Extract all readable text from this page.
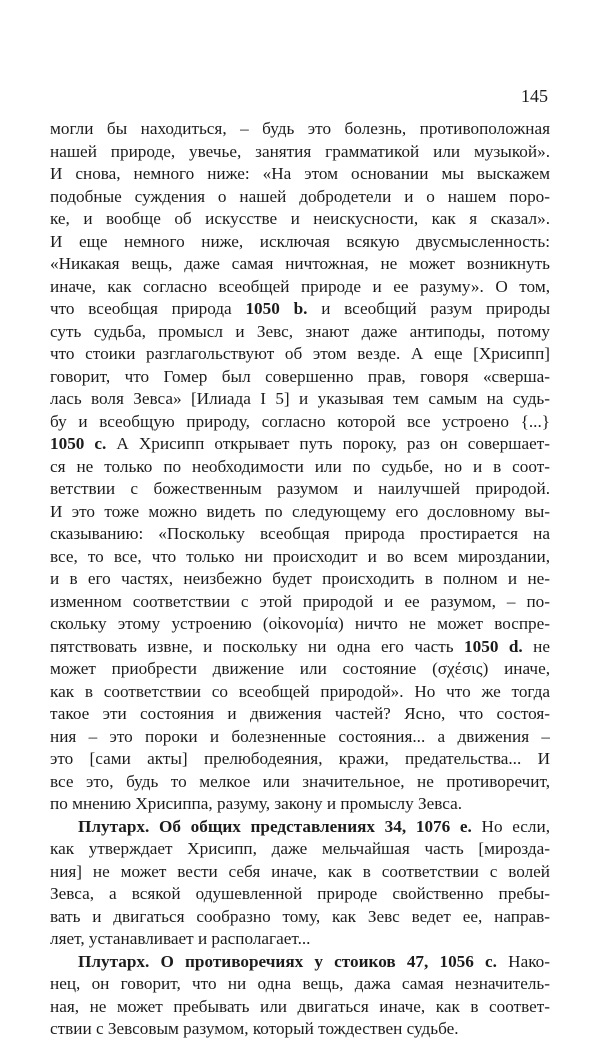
145
могли бы находиться, – будь это болезнь, противоположная
нашей природе, увечье, занятия грамматикой или музыкой».
И снова, немного ниже: «На этом основании мы выскажем
подобные суждения о нашей добродетели и о нашем поро-
ке, и вообще об искусстве и неискусности, как я сказал».
И еще немного ниже, исключая всякую двусмысленность:
«Никакая вещь, даже самая ничтожная, не может возникнуть
иначе, как согласно всеобщей природе и ее разуму». О том,
что всеобщая природа 1050 b. и всеобщий разум природы
суть судьба, промысл и Зевс, знают даже антиподы, потому
что стоики разглагольствуют об этом везде. А еще [Хрисипп]
говорит, что Гомер был совершенно прав, говоря «сверша-
лась воля Зевса» [Илиада I 5] и указывая тем самым на судь-
бу и всеобщую природу, согласно которой все устроено {...}
1050 c. А Хрисипп открывает путь пороку, раз он совершает-
ся не только по необходимости или по судьбе, но и в соот-
ветствии с божественным разумом и наилучшей природой.
И это тоже можно видеть по следующему его дословному вы-
сказыванию: «Поскольку всеобщая природа простирается на
все, то все, что только ни происходит и во всем мироздании,
и в его частях, неизбежно будет происходить в полном и не-
изменном соответствии с этой природой и ее разумом, – по-
скольку этому устроению (οἰκονομία) ничто не может воспре-
пятствовать извне, и поскольку ни одна его часть 1050 d. не
может приобрести движение или состояние (σχέσις) иначе,
как в соответствии со всеобщей природой». Но что же тогда
такое эти состояния и движения частей? Ясно, что состоя-
ния – это пороки и болезненные состояния... а движения –
это [сами акты] прелюбодеяния, кражи, предательства... И
все это, будь то мелкое или значительное, не противоречит,
по мнению Хрисиппа, разуму, закону и промыслу Зевса.
Плутарх. Об общих представлениях 34, 1076 e. Но если,
как утверждает Хрисипп, даже мельчайшая часть [мирозда-
ния] не может вести себя иначе, как в соответствии с волей
Зевса, а всякой одушевленной природе свойственно пребы-
вать и двигаться сообразно тому, как Зевс ведет ее, направ-
ляет, устанавливает и располагает...
Плутарх. О противоречиях у стоиков 47, 1056 c. Нако-
нец, он говорит, что ни одна вещь, дажа самая незначитель-
ная, не может пребывать или двигаться иначе, как в соответ-
ствии с Зевсовым разумом, который тождествен судьбе.
